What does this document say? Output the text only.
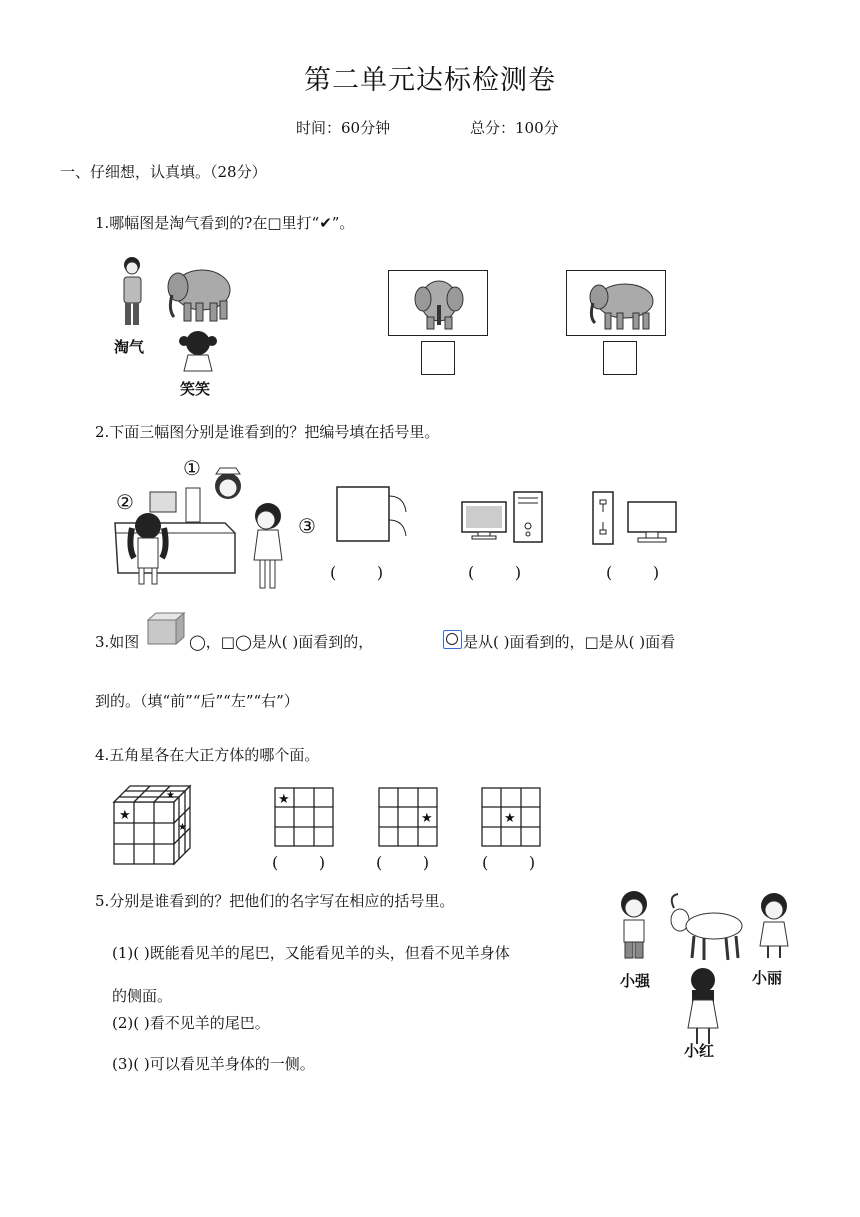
第二单元达标检测卷
时间：60分钟	总分：100分
一、仔细想，认真填。（28分）
1.哪幅图是淘气看到的?在□里打“✔”。
淘气
笑笑
2.下面三幅图分别是谁看到的？把编号填在括号里。
①
②
③
(        )	(        )	(        )
3.如图	◯，□◯是从( )面看到的，	是从( )面看到的，□是从( )面看
到的。（填“前”“后”“左”“右”）
4.五角星各在大正方体的哪个面。
★
★
★
★
(        )
★
(        )
★
(        )
5.分别是谁看到的？把他们的名字写在相应的括号里。
(1)( )既能看见羊的尾巴，又能看见羊的头，但看不见羊身体
的侧面。
(2)( )看不见羊的尾巴。
(3)( )可以看见羊身体的一侧。
小强	小丽
小红
